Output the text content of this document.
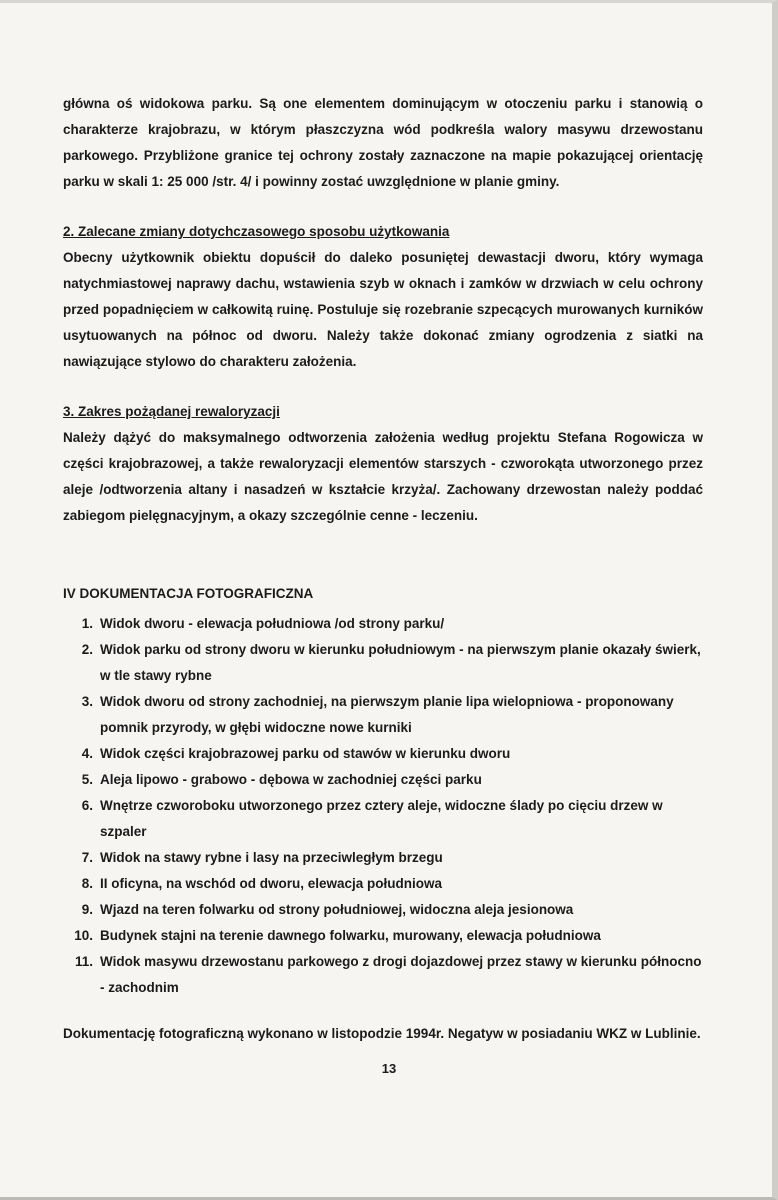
główna oś widokowa parku. Są one elementem dominującym w otoczeniu parku i stanowią o charakterze krajobrazu, w którym płaszczyzna wód podkreśla walory masywu drzewostanu parkowego. Przybliżone granice tej ochrony zostały zaznaczone na mapie pokazującej orientację parku w skali 1: 25 000 /str. 4/ i powinny zostać uwzględnione w planie gminy.

2. Zalecane zmiany dotychczasowego sposobu użytkowania

Obecny użytkownik obiektu dopuścił do daleko posuniętej dewastacji dworu, który wymaga natychmiastowej naprawy dachu, wstawienia szyb w oknach i zamków w drzwiach w celu ochrony przed popadnięciem w całkowitą ruinę. Postuluje się rozebranie szpecących murowanych kurników usytuowanych na północ od dworu. Należy także dokonać zmiany ogrodzenia z siatki na nawiązujące stylowo do charakteru założenia.

3. Zakres pożądanej rewaloryzacji

Należy dążyć do maksymalnego odtworzenia założenia według projektu Stefana Rogowicza w części krajobrazowej, a także rewaloryzacji elementów starszych - czworokąta utworzonego przez aleje /odtworzenia altany i nasadzeń w kształcie krzyża/. Zachowany drzewostan należy poddać zabiegom pielęgnacyjnym, a okazy szczególnie cenne - leczeniu.

IV DOKUMENTACJA FOTOGRAFICZNA

1. Widok dworu - elewacja południowa /od strony parku/
2. Widok parku od strony dworu w kierunku południowym - na pierwszym planie okazały świerk, w tle stawy rybne
3. Widok dworu od strony zachodniej, na pierwszym planie lipa wielopniowa - proponowany pomnik przyrody, w głębi widoczne nowe kurniki
4. Widok części krajobrazowej parku od stawów w kierunku dworu
5. Aleja lipowo - grabowo - dębowa w zachodniej części parku
6. Wnętrze czworoboku utworzonego przez cztery aleje, widoczne ślady po cięciu drzew w szpaler
7. Widok na stawy rybne i lasy na przeciwległym brzegu
8. II oficyna, na wschód od dworu, elewacja południowa
9. Wjazd na teren folwarku od strony południowej, widoczna aleja jesionowa
10. Budynek stajni na terenie dawnego folwarku, murowany, elewacja południowa
11. Widok masywu drzewostanu parkowego z drogi dojazdowej przez stawy w kierunku północno - zachodnim

Dokumentację fotograficzną wykonano w listopodzie 1994r. Negatyw w posiadaniu WKZ w Lublinie.

13
